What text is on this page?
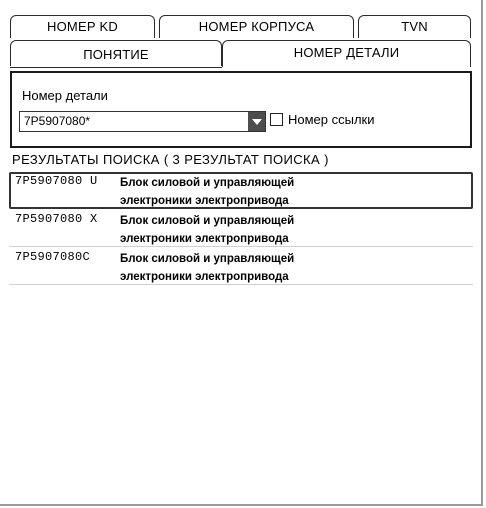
НОМЕР KD	НОМЕР КОРПУСА	TVN
ПОНЯТИЕ	НОМЕР ДЕТАЛИ
Номер детали
7P5907080*	Номер ссылки
РЕЗУЛЬТАТЫ ПОИСКА ( 3 РЕЗУЛЬТАТ ПОИСКА )
7P5907080 U Блок силовой и управляющей
электроники электропривода
7P5907080 X Блок силовой и управляющей
электроники электропривода
7P5907080C	Блок силовой и управляющей
электроники электропривода
